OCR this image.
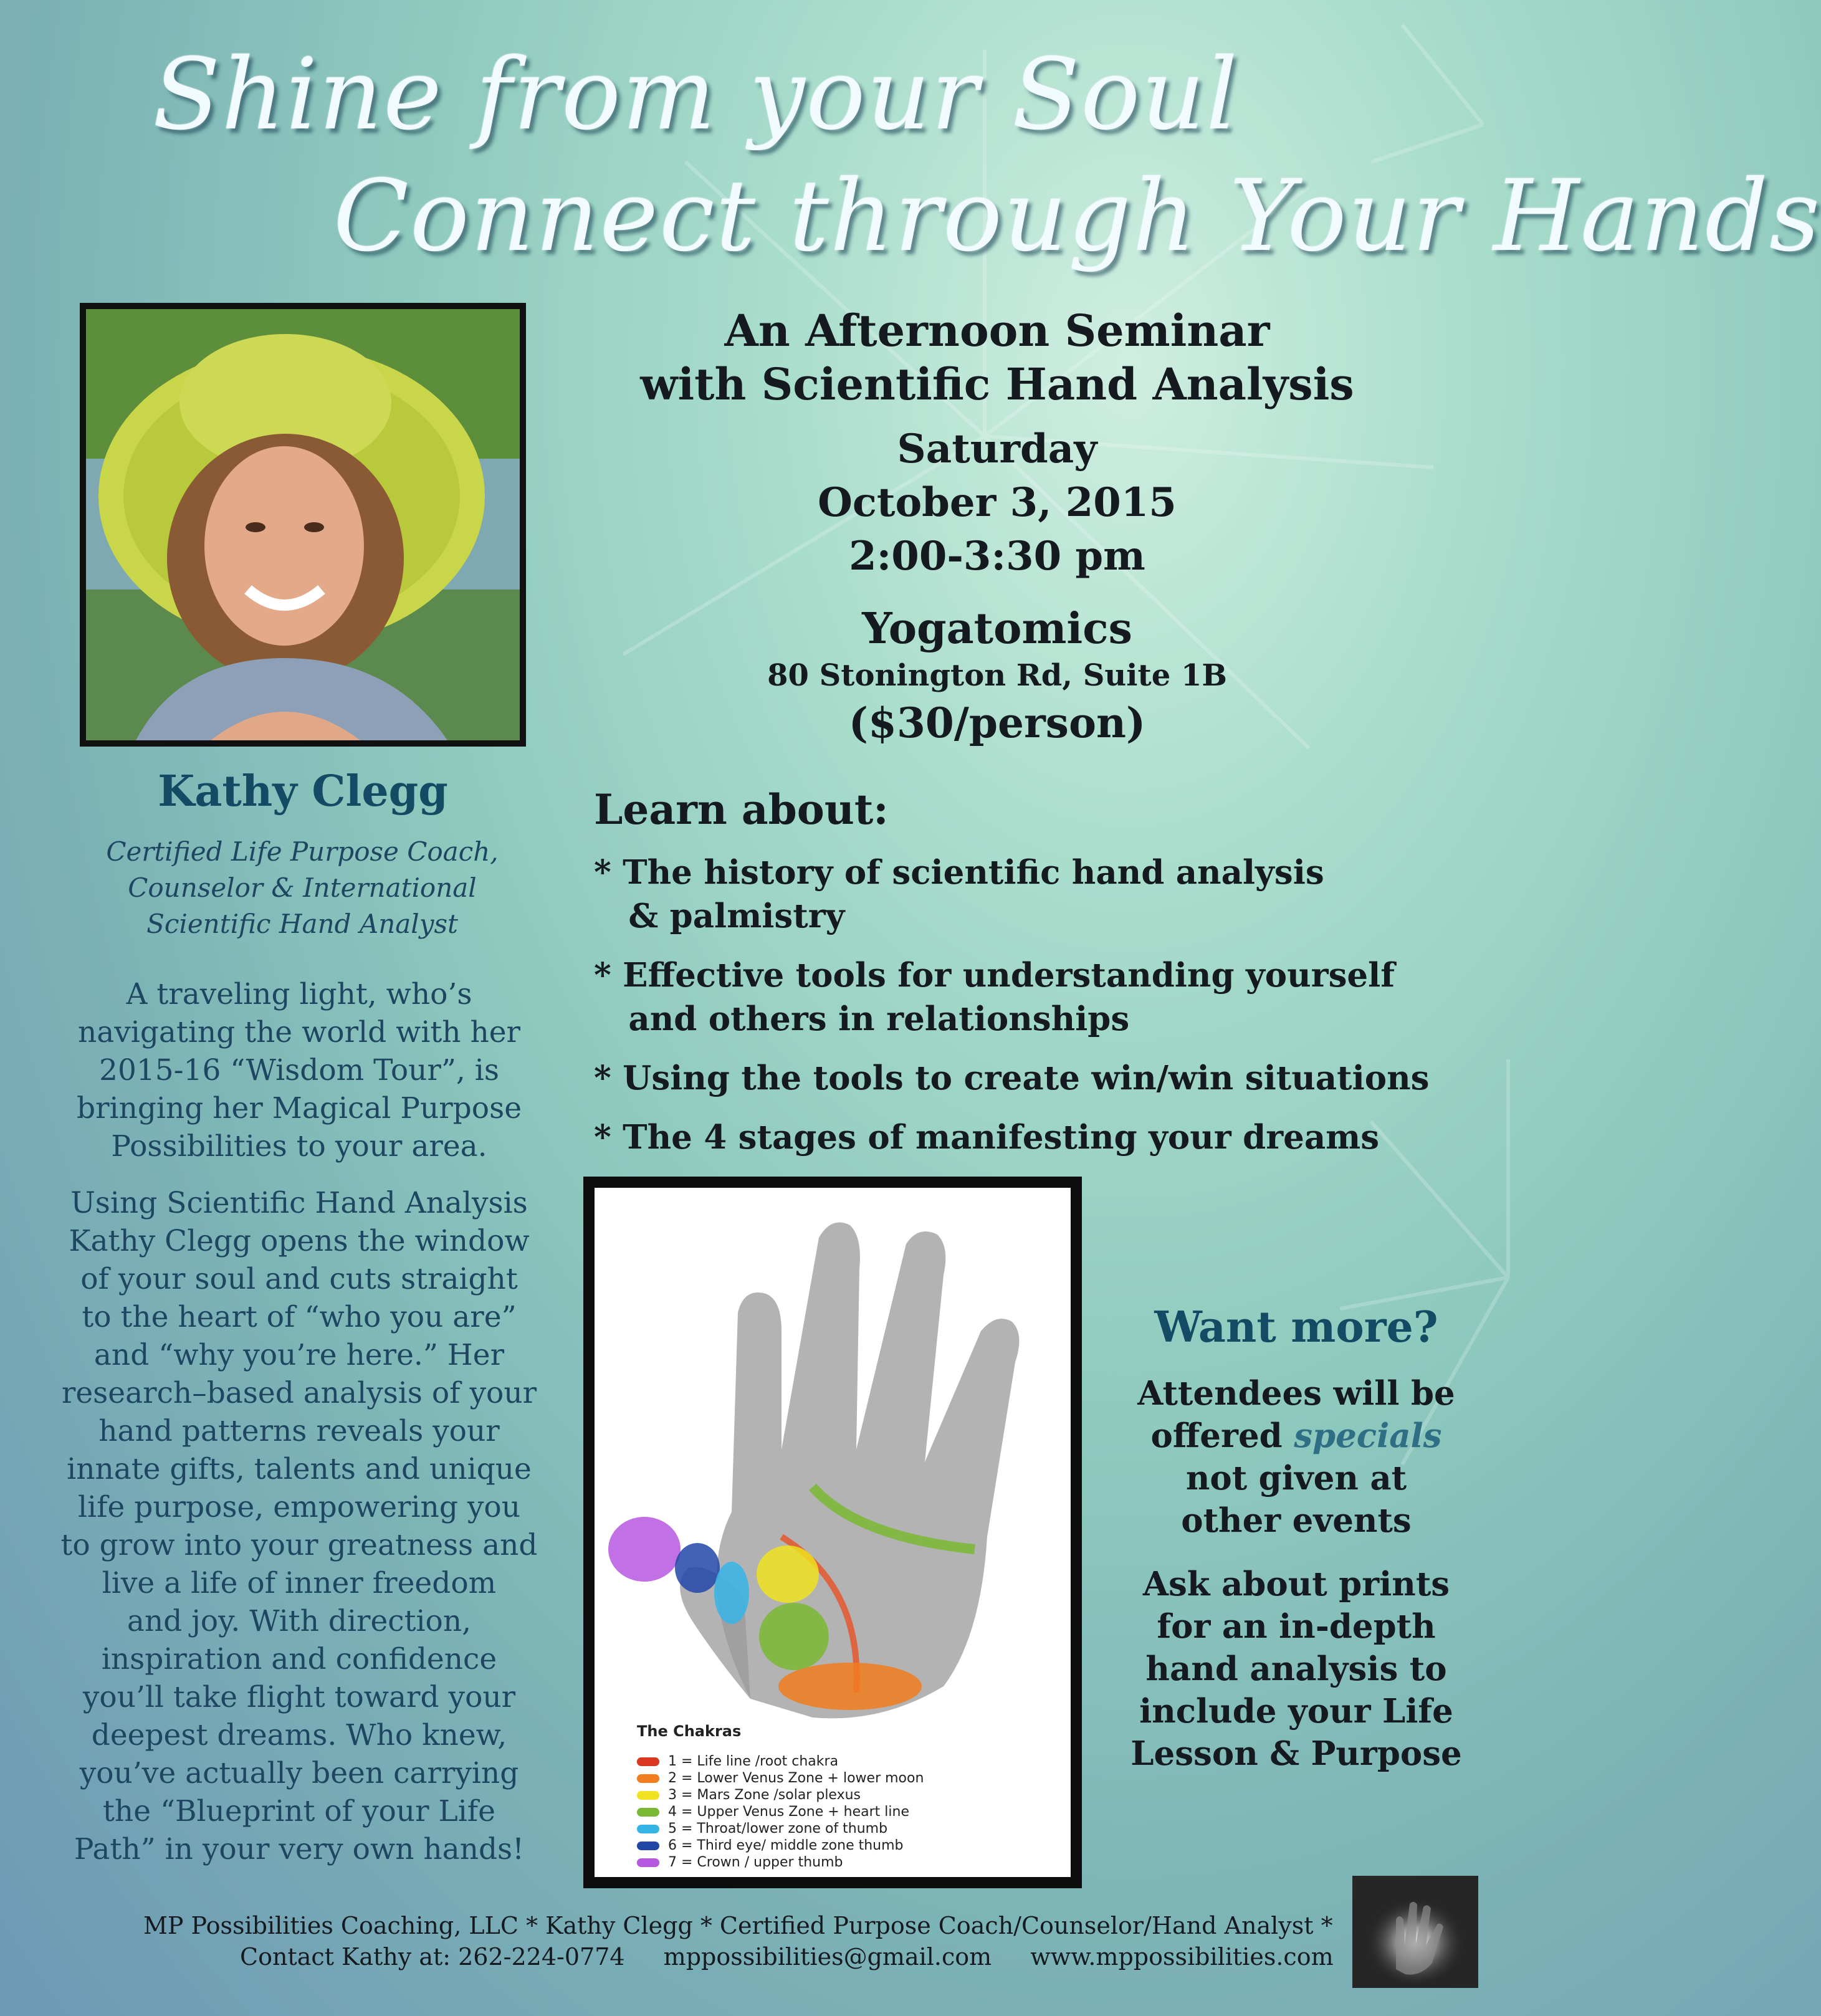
Shine from your Soul
Connect through Your Hands
Kathy Clegg
Certified Life Purpose Coach,
Counselor & International
Scientific Hand Analyst
A traveling light, who’s
navigating the world with her
2015-16 “Wisdom Tour”, is
bringing her Magical Purpose
Possibilities to your area.
Using Scientific Hand Analysis
Kathy Clegg opens the window
of your soul and cuts straight
to the heart of “who you are”
and “why you’re here.” Her
research–based analysis of your
hand patterns reveals your
innate gifts, talents and unique
life purpose, empowering you
to grow into your greatness and
live a life of inner freedom
and joy. With direction,
inspiration and confidence
you’ll take flight toward your
deepest dreams. Who knew,
you’ve actually been carrying
the “Blueprint of your Life
Path” in your very own hands!
An Afternoon Seminar
with Scientific Hand Analysis
Saturday
October 3, 2015
2:00-3:30 pm
Yogatomics
80 Stonington Rd, Suite 1B
($30/person)
Learn about:
* The history of scientific hand analysis
& palmistry
* Effective tools for understanding yourself
and others in relationships
* Using the tools to create win/win situations
* The 4 stages of manifesting your dreams
The Chakras
1 = Life line /root chakra
2 = Lower Venus Zone + lower moon
3 = Mars Zone /solar plexus
4 = Upper Venus Zone + heart line
5 = Throat/lower zone of thumb
6 = Third eye/ middle zone thumb
7 = Crown / upper thumb
Want more?
Attendees will be
offered specials
not given at
other events
Ask about prints
for an in-depth
hand analysis to
include your Life
Lesson & Purpose
MP Possibilities Coaching, LLC * Kathy Clegg * Certified Purpose Coach/Counselor/Hand Analyst *
Contact Kathy at: 262-224-0774 mppossibilities@gmail.com www.mppossibilities.com
